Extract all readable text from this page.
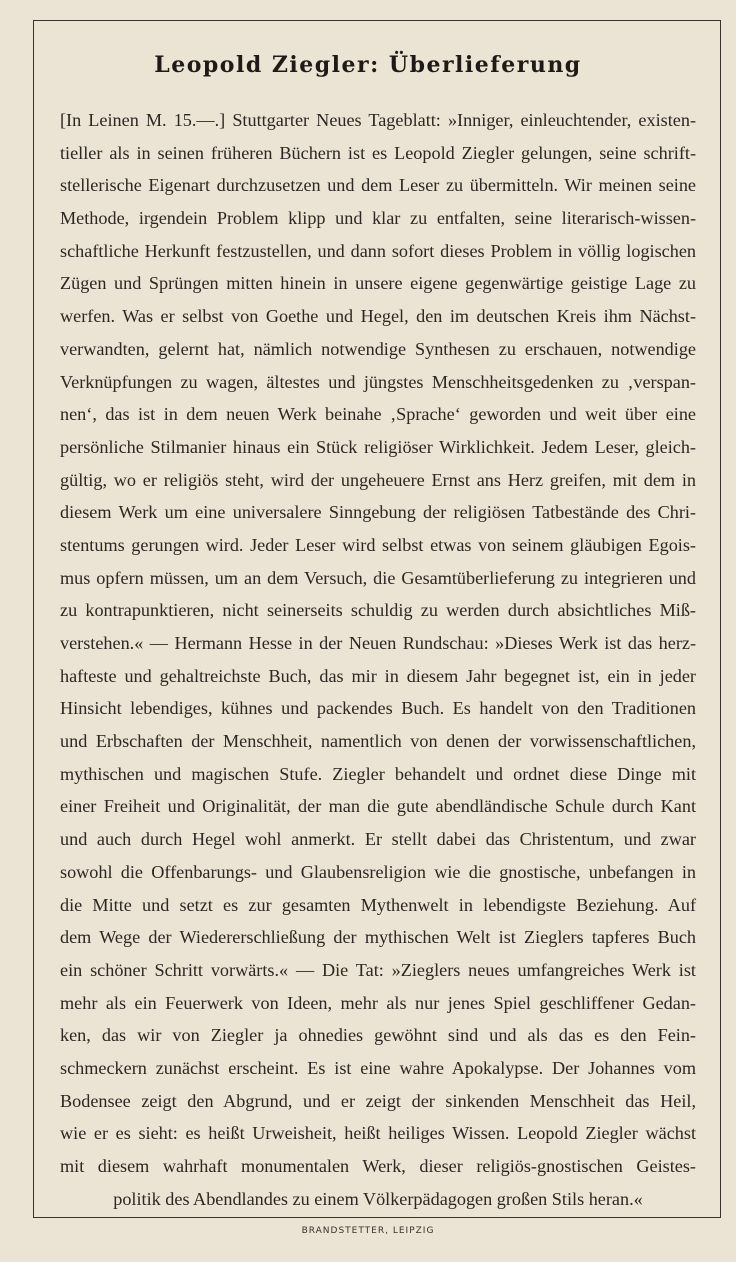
Leopold Ziegler: Überlieferung
[In Leinen M. 15.—.] Stuttgarter Neues Tageblatt: »Inniger, einleuchtender, existen-
tieller als in seinen früheren Büchern ist es Leopold Ziegler gelungen, seine schrift-
stellerische Eigenart durchzusetzen und dem Leser zu übermitteln. Wir meinen seine
Methode, irgendein Problem klipp und klar zu entfalten, seine literarisch-wissen-
schaftliche Herkunft festzustellen, und dann sofort dieses Problem in völlig logischen
Zügen und Sprüngen mitten hinein in unsere eigene gegenwärtige geistige Lage zu
werfen. Was er selbst von Goethe und Hegel, den im deutschen Kreis ihm Nächst-
verwandten, gelernt hat, nämlich notwendige Synthesen zu erschauen, notwendige
Verknüpfungen zu wagen, ältestes und jüngstes Menschheitsgedenken zu ‚verspan-
nen‘, das ist in dem neuen Werk beinahe ‚Sprache‘ geworden und weit über eine
persönliche Stilmanier hinaus ein Stück religiöser Wirklichkeit. Jedem Leser, gleich-
gültig, wo er religiös steht, wird der ungeheuere Ernst ans Herz greifen, mit dem in
diesem Werk um eine universalere Sinngebung der religiösen Tatbestände des Chri-
stentums gerungen wird. Jeder Leser wird selbst etwas von seinem gläubigen Egois-
mus opfern müssen, um an dem Versuch, die Gesamtüberlieferung zu integrieren und
zu kontrapunktieren, nicht seinerseits schuldig zu werden durch absichtliches Miß-
verstehen.« — Hermann Hesse in der Neuen Rundschau: »Dieses Werk ist das herz-
hafteste und gehaltreichste Buch, das mir in diesem Jahr begegnet ist, ein in jeder
Hinsicht lebendiges, kühnes und packendes Buch. Es handelt von den Traditionen
und Erbschaften der Menschheit, namentlich von denen der vorwissenschaftlichen,
mythischen und magischen Stufe. Ziegler behandelt und ordnet diese Dinge mit
einer Freiheit und Originalität, der man die gute abendländische Schule durch Kant
und auch durch Hegel wohl anmerkt. Er stellt dabei das Christentum, und zwar
sowohl die Offenbarungs- und Glaubensreligion wie die gnostische, unbefangen in
die Mitte und setzt es zur gesamten Mythenwelt in lebendigste Beziehung. Auf
dem Wege der Wiedererschließung der mythischen Welt ist Zieglers tapferes Buch
ein schöner Schritt vorwärts.« — Die Tat: »Zieglers neues umfangreiches Werk ist
mehr als ein Feuerwerk von Ideen, mehr als nur jenes Spiel geschliffener Gedan-
ken, das wir von Ziegler ja ohnedies gewöhnt sind und als das es den Fein-
schmeckern zunächst erscheint. Es ist eine wahre Apokalypse. Der Johannes vom
Bodensee zeigt den Abgrund, und er zeigt der sinkenden Menschheit das Heil,
wie er es sieht: es heißt Urweisheit, heißt heiliges Wissen. Leopold Ziegler wächst
mit diesem wahrhaft monumentalen Werk, dieser religiös-gnostischen Geistes-
politik des Abendlandes zu einem Völkerpädagogen großen Stils heran.«
BRANDSTETTER, LEIPZIG
